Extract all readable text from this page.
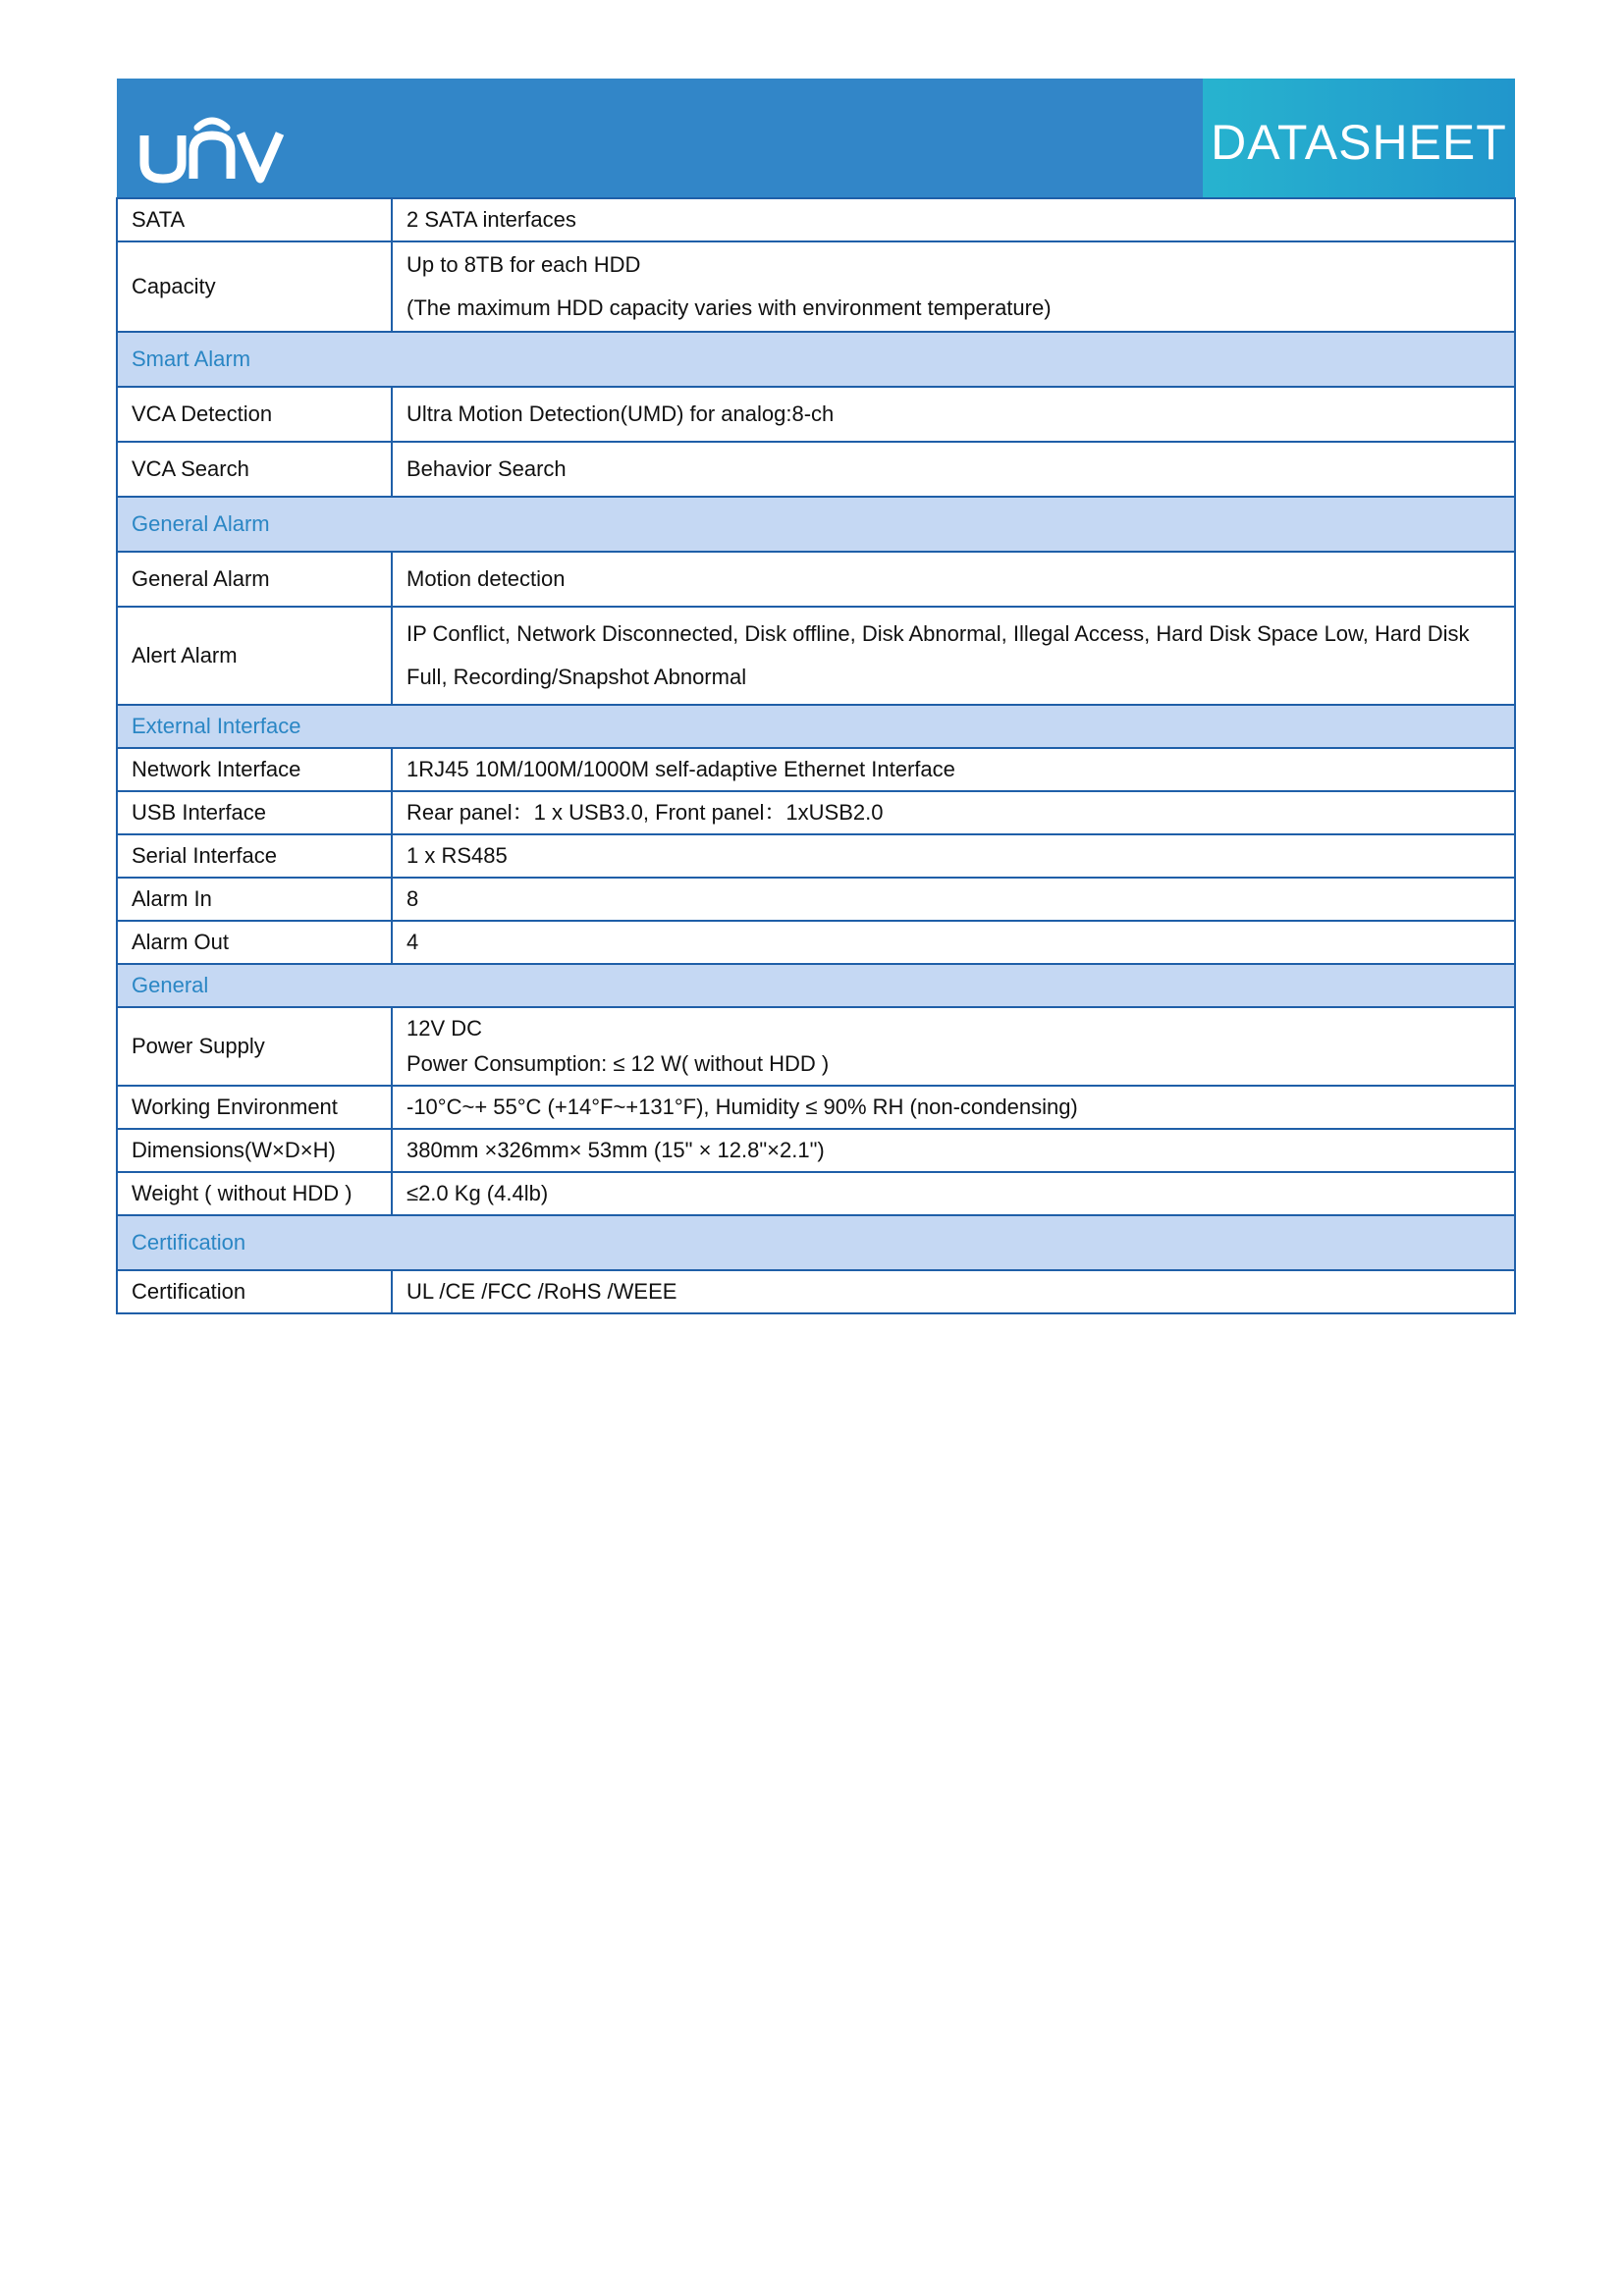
DATASHEET
SATA	2 SATA interfaces
Capacity	Up to 8TB for each HDD
(The maximum HDD capacity varies with environment temperature)

Smart Alarm	
VCA Detection	Ultra Motion Detection(UMD) for analog:8-ch
VCA Search	Behavior Search
General Alarm	
General Alarm	Motion detection
Alert Alarm	IP Conflict, Network Disconnected, Disk offline, Disk Abnormal, Illegal Access, Hard Disk Space Low, Hard Disk
Full, Recording/Snapshot Abnormal

External Interface	
Network Interface	1RJ45 10M/100M/1000M self-adaptive Ethernet Interface
USB Interface	Rear panel：1 x USB3.0, Front panel：1xUSB2.0
Serial Interface	1 x RS485
Alarm In	8
Alarm Out	4
General	
Power Supply	12V DC
Power Consumption: ≤ 12 W( without HDD )

Working Environment	-10°C~+ 55°C (+14°F~+131°F), Humidity ≤ 90% RH (non-condensing)
Dimensions(W×D×H)	380mm ×326mm× 53mm (15" × 12.8"×2.1")
Weight ( without HDD )	≤2.0 Kg (4.4lb)
Certification	
Certification	UL /CE /FCC /RoHS /WEEE
